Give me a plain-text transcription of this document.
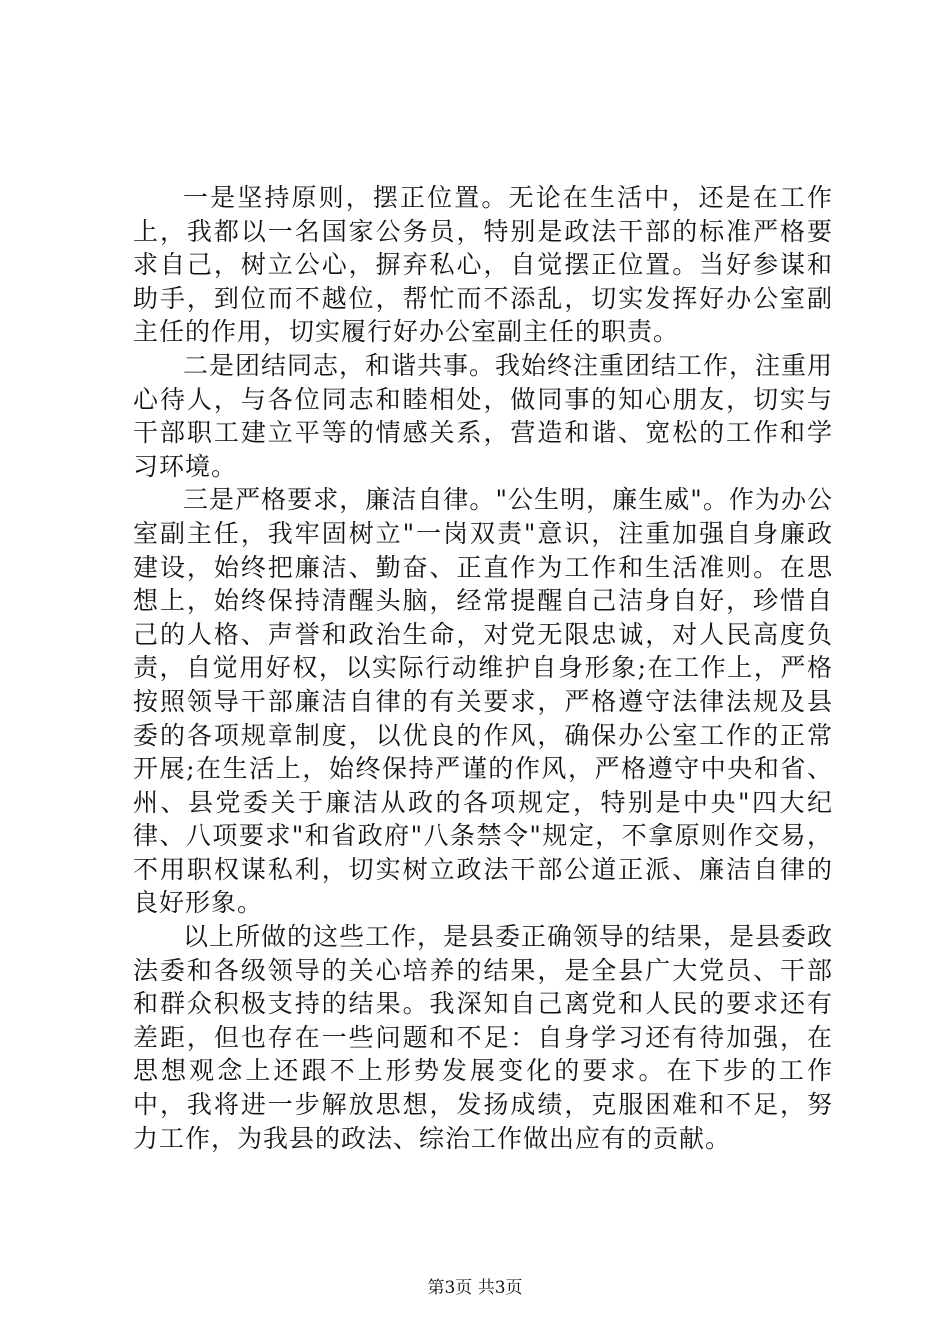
一是坚持原则，摆正位置。无论在生活中，还是在工作上，我都以一名国家公务员，特别是政法干部的标准严格要求自己，树立公心，摒弃私心，自觉摆正位置。当好参谋和助手，到位而不越位，帮忙而不添乱，切实发挥好办公室副主任的作用，切实履行好办公室副主任的职责。

二是团结同志，和谐共事。我始终注重团结工作，注重用心待人，与各位同志和睦相处，做同事的知心朋友，切实与干部职工建立平等的情感关系，营造和谐、宽松的工作和学习环境。

三是严格要求，廉洁自律。"公生明，廉生威"。作为办公室副主任，我牢固树立"一岗双责"意识，注重加强自身廉政建设，始终把廉洁、勤奋、正直作为工作和生活准则。在思想上，始终保持清醒头脑，经常提醒自己洁身自好，珍惜自己的人格、声誉和政治生命，对党无限忠诚，对人民高度负责，自觉用好权，以实际行动维护自身形象;在工作上，严格按照领导干部廉洁自律的有关要求，严格遵守法律法规及县委的各项规章制度，以优良的作风，确保办公室工作的正常开展;在生活上，始终保持严谨的作风，严格遵守中央和省、州、县党委关于廉洁从政的各项规定，特别是中央"四大纪律、八项要求"和省政府"八条禁令"规定，不拿原则作交易，不用职权谋私利，切实树立政法干部公道正派、廉洁自律的良好形象。

以上所做的这些工作，是县委正确领导的结果，是县委政法委和各级领导的关心培养的结果，是全县广大党员、干部和群众积极支持的结果。我深知自己离党和人民的要求还有差距，但也存在一些问题和不足：自身学习还有待加强，在思想观念上还跟不上形势发展变化的要求。在下步的工作中，我将进一步解放思想，发扬成绩，克服困难和不足，努力工作，为我县的政法、综治工作做出应有的贡献。

第3页 共3页
